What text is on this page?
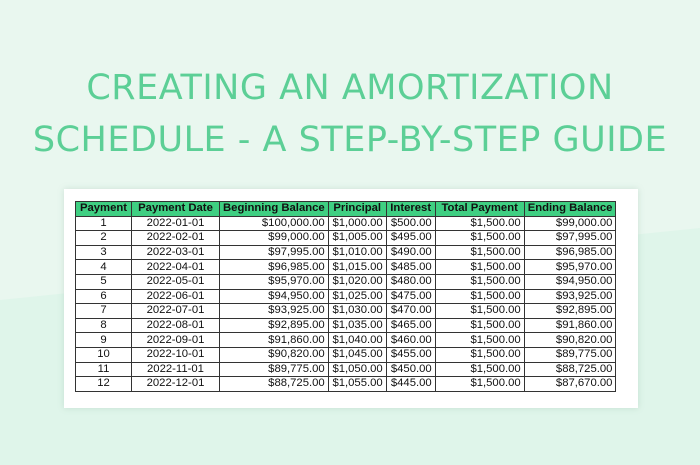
CREATING AN AMORTIZATION
SCHEDULE - A STEP-BY-STEP GUIDE
Payment	Payment Date	Beginning Balance	Principal	Interest	Total Payment	Ending Balance
1	2022-01-01	$100,000.00	$1,000.00	$500.00	$1,500.00	$99,000.00
2	2022-02-01	$99,000.00	$1,005.00	$495.00	$1,500.00	$97,995.00
3	2022-03-01	$97,995.00	$1,010.00	$490.00	$1,500.00	$96,985.00
4	2022-04-01	$96,985.00	$1,015.00	$485.00	$1,500.00	$95,970.00
5	2022-05-01	$95,970.00	$1,020.00	$480.00	$1,500.00	$94,950.00
6	2022-06-01	$94,950.00	$1,025.00	$475.00	$1,500.00	$93,925.00
7	2022-07-01	$93,925.00	$1,030.00	$470.00	$1,500.00	$92,895.00
8	2022-08-01	$92,895.00	$1,035.00	$465.00	$1,500.00	$91,860.00
9	2022-09-01	$91,860.00	$1,040.00	$460.00	$1,500.00	$90,820.00
10	2022-10-01	$90,820.00	$1,045.00	$455.00	$1,500.00	$89,775.00
11	2022-11-01	$89,775.00	$1,050.00	$450.00	$1,500.00	$88,725.00
12	2022-12-01	$88,725.00	$1,055.00	$445.00	$1,500.00	$87,670.00
